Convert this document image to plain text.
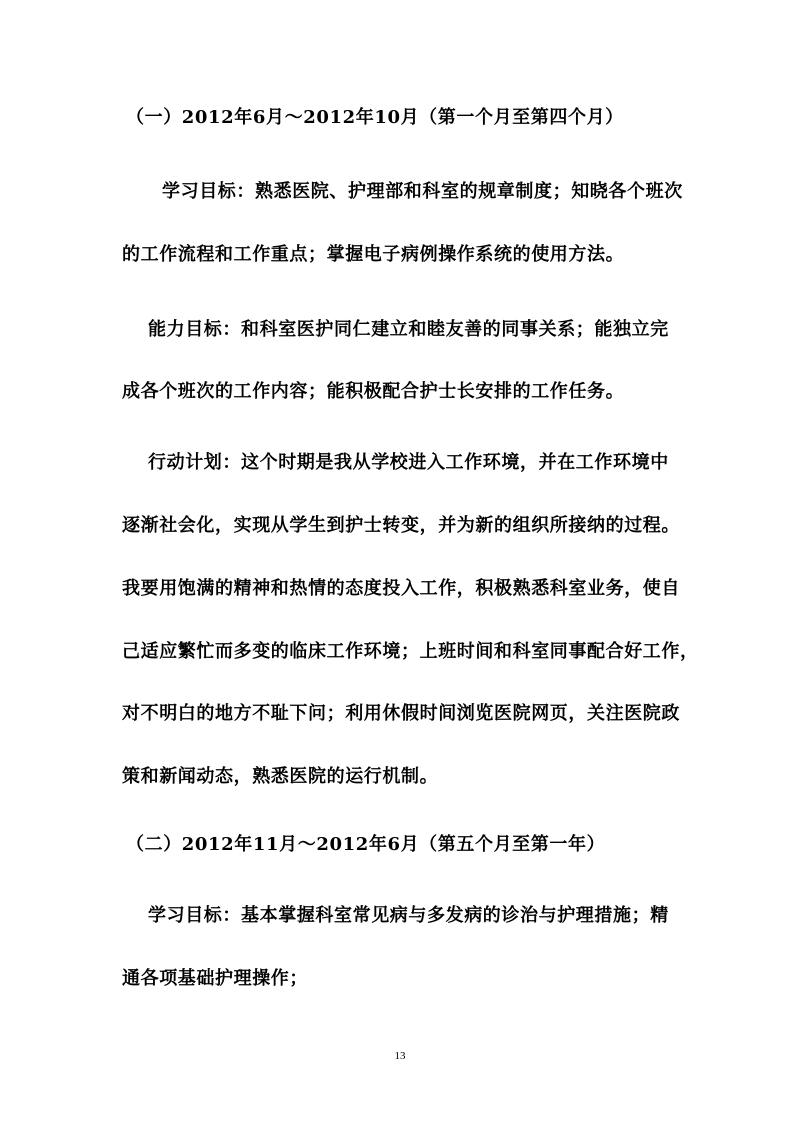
（一）2012年6月～2012年10月（第一个月至第四个月）
学习目标：熟悉医院、护理部和科室的规章制度；知晓各个班次
的工作流程和工作重点；掌握电子病例操作系统的使用方法。
能力目标：和科室医护同仁建立和睦友善的同事关系；能独立完
成各个班次的工作内容；能积极配合护士长安排的工作任务。
行动计划：这个时期是我从学校进入工作环境，并在工作环境中
逐渐社会化，实现从学生到护士转变，并为新的组织所接纳的过程。
我要用饱满的精神和热情的态度投入工作，积极熟悉科室业务，使自
己适应繁忙而多变的临床工作环境；上班时间和科室同事配合好工作，
对不明白的地方不耻下问；利用休假时间浏览医院网页，关注医院政
策和新闻动态，熟悉医院的运行机制。
（二）2012年11月～2012年6月（第五个月至第一年）
学习目标：基本掌握科室常见病与多发病的诊治与护理措施；精
通各项基础护理操作；
13
